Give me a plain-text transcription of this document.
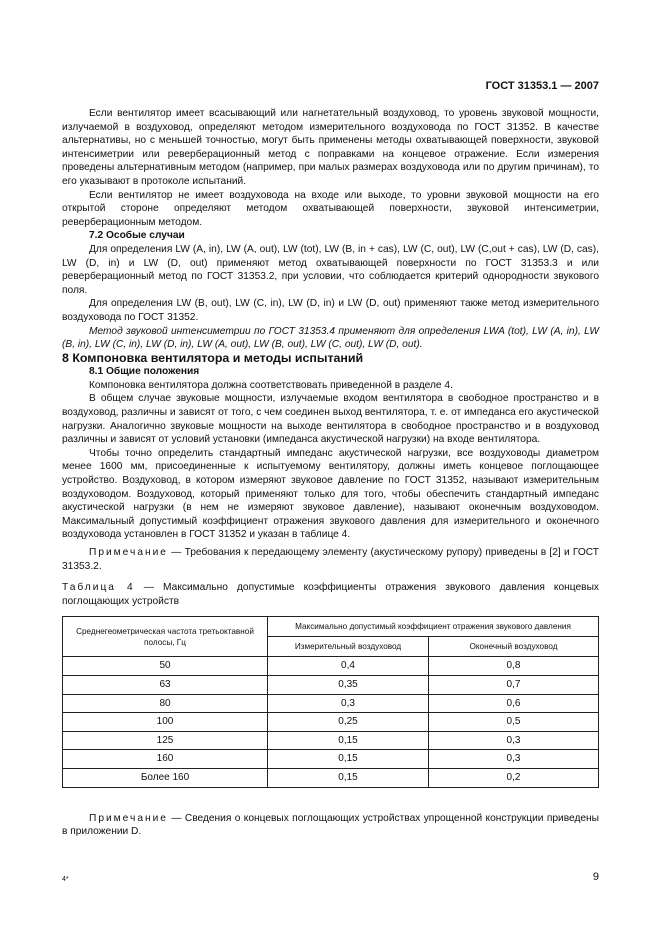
ГОСТ 31353.1 — 2007

Если вентилятор имеет всасывающий или нагнетательный воздуховод, то уровень звуковой мощности, излучаемой в воздуховод, определяют методом измерительного воздуховода по ГОСТ 31352. В качестве альтернативы, но с меньшей точностью, могут быть применены методы охватывающей поверхности, звуковой интенсиметрии или реверберационный метод с поправками на концевое отражение. Если измерения проведены альтернативным методом (например, при малых размерах воздуховода или по другим причинам), то его указывают в протоколе испытаний.

Если вентилятор не имеет воздуховода на входе или выходе, то уровни звуковой мощности на его открытой стороне определяют методом охватывающей поверхности, звуковой интенсиметрии, реверберационным методом.

7.2 Особые случаи

Для определения LW (A, in), LW (A, out), LW (tot), LW (B, in + cas), LW (C, out), LW (C,out + cas), LW (D, cas), LW (D, in) и LW (D, out) применяют метод охватывающей поверхности по ГОСТ 31353.3 и или реверберационный метод по ГОСТ 31353.2, при условии, что соблюдается критерий однородности звукового поля.

Для определения LW (B, out), LW (C, in), LW (D, in) и LW (D, out) применяют также метод измерительного воздуховода по ГОСТ 31352.

Метод звуковой интенсиметрии по ГОСТ 31353.4 применяют для определения LWA (tot), LW (A, in), LW (B, in), LW (C, in), LW (D, in), LW (A, out), LW (B, out), LW (C, out), LW (D, out).

8 Компоновка вентилятора и методы испытаний

8.1 Общие положения

Компоновка вентилятора должна соответствовать приведенной в разделе 4.

В общем случае звуковые мощности, излучаемые входом вентилятора в свободное пространство и в воздуховод, различны и зависят от того, с чем соединен выход вентилятора, т. е. от импеданса его акустической нагрузки. Аналогично звуковые мощности на выходе вентилятора в свободное пространство и в воздуховод различны и зависят от условий установки (импеданса акустической нагрузки) на входе вентилятора.

Чтобы точно определить стандартный импеданс акустической нагрузки, все воздуховоды диаметром менее 1600 мм, присоединенные к испытуемому вентилятору, должны иметь концевое поглощающее устройство. Воздуховод, в котором измеряют звуковое давление по ГОСТ 31352, называют измерительным воздуховодом. Воздуховод, который применяют только для того, чтобы обеспечить стандартный импеданс акустической нагрузки (в нем не измеряют звуковое давление), называют оконечным воздуховодом. Максимальный допустимый коэффициент отражения звукового давления для измерительного и оконечного воздуховода установлен в ГОСТ 31352 и указан в таблице 4.

Примечание — Требования к передающему элементу (акустическому рупору) приведены в [2] и ГОСТ 31353.2.

Таблица 4 — Максимально допустимые коэффициенты отражения звукового давления концевых поглощающих устройств

Среднегеометрическая частота третьоктавной полосы, Гц	Максимально допустимый коэффициент отражения звукового давления	
	Измерительный воздуховод	Оконечный воздуховод
50	0,4	0,8
63	0,35	0,7
80	0,3	0,6
100	0,25	0,5
125	0,15	0,3
160	0,15	0,3
Более 160	0,15	0,2

Примечание — Сведения о концевых поглощающих устройствах упрощенной конструкции приведены в приложении D.

4*	9
